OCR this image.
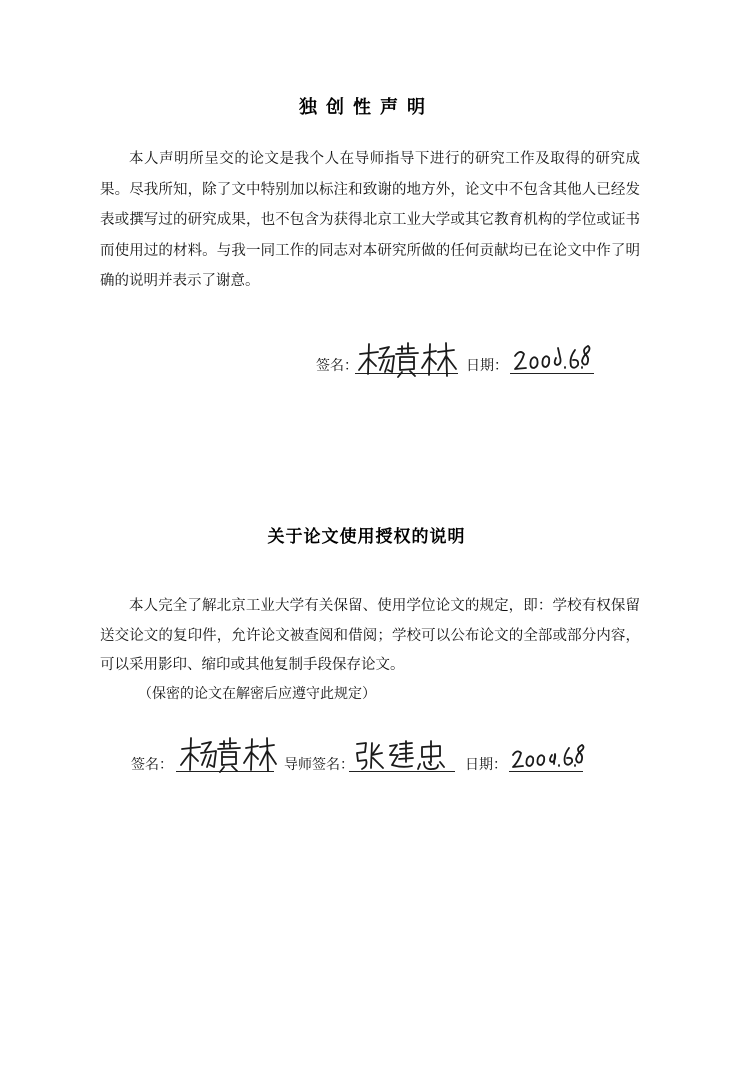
独创性声明
本人声明所呈交的论文是我个人在导师指导下进行的研究工作及取得的研究成果。尽我所知，除了文中特别加以标注和致谢的地方外，论文中不包含其他人已经发表或撰写过的研究成果，也不包含为获得北京工业大学或其它教育机构的学位或证书而使用过的材料。与我一同工作的同志对本研究所做的任何贡献均已在论文中作了明确的说明并表示了谢意。
签名：	日期：
关于论文使用授权的说明
本人完全了解北京工业大学有关保留、使用学位论文的规定，即：学校有权保留送交论文的复印件，允许论文被查阅和借阅；学校可以公布论文的全部或部分内容，可以采用影印、缩印或其他复制手段保存论文。
（保密的论文在解密后应遵守此规定）
签名：	导师签名：	日期：
